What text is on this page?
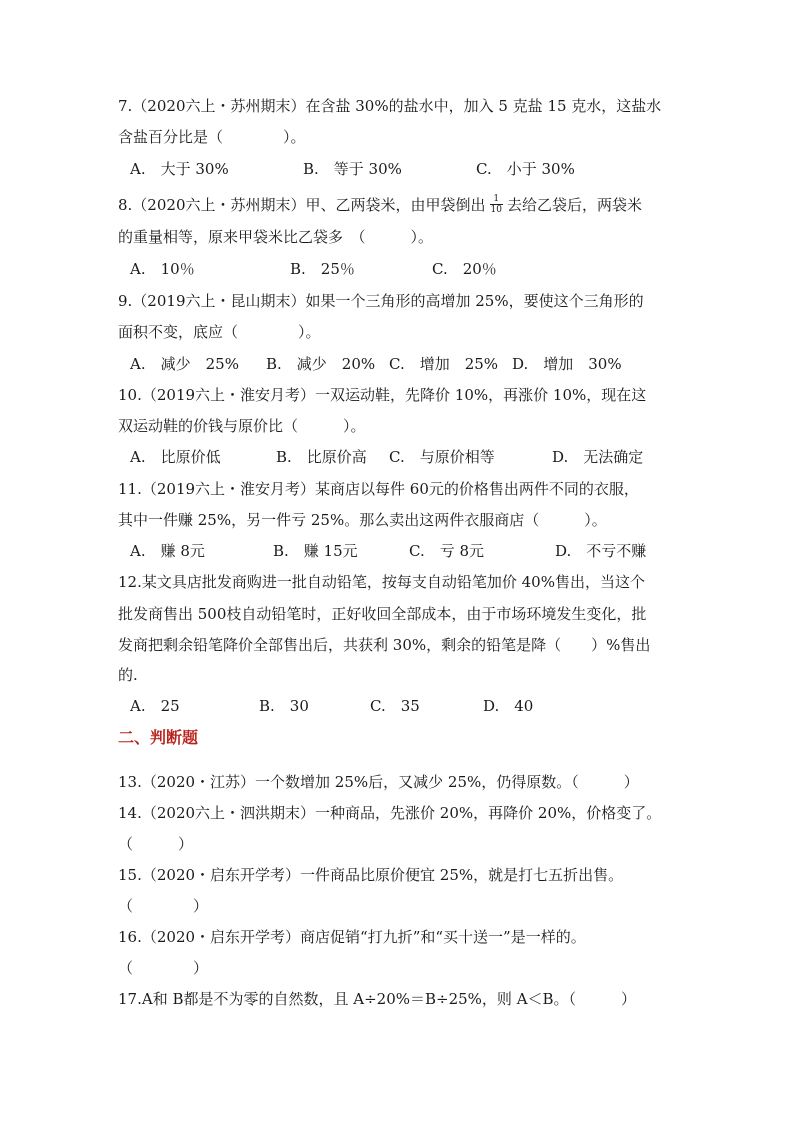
7.（2020六上・苏州期末）在含盐 30%的盐水中，加入 5 克盐 15 克水，这盐水
含盐百分比是（　　　　）。
A.　大于 30%	B.　等于 30%	C.　小于 30%
8.（2020六上・苏州期末）甲、乙两袋米，由甲袋倒出 $\frac{1}{10}$ 去给乙袋后，两袋米
的重量相等，原来甲袋米比乙袋多　（　　　）。
A.　10％	B.　25％	C.　20％
9.（2019六上・昆山期末）如果一个三角形的高增加 25%，要使这个三角形的
面积不变，底应（　　　　）。
A.　减少　25% B.　减少　20% C.　增加　25% D.　增加　30%
10.（2019六上・淮安月考）一双运动鞋，先降价 10%，再涨价 10%，现在这
双运动鞋的价钱与原价比（　　　）。
A.　比原价低	B.　比原价高 C.　与原价相等	D.　无法确定
11.（2019六上・淮安月考）某商店以每件 60元的价格售出两件不同的衣服，
其中一件赚 25%，另一件亏 25%。那么卖出这两件衣服商店（　　　）。
A.　赚 8元	B.　赚 15元	C.　亏 8元	D.　不亏不赚
12.某文具店批发商购进一批自动铅笔，按每支自动铅笔加价 40%售出，当这个
批发商售出 500枝自动铅笔时，正好收回全部成本，由于市场环境发生变化，批
发商把剩余铅笔降价全部售出后，共获利 30%，剩余的铅笔是降（　　）%售出
的.
A.　25	B.　30	C.　35	D.　40
二、判断题
13.（2020・江苏）一个数增加 25%后，又减少 25%，仍得原数。（　　　）
14.（2020六上・泗洪期末）一种商品，先涨价 20%，再降价 20%，价格变了。
（　　　）
15.（2020・启东开学考）一件商品比原价便宜 25%，就是打七五折出售。
（　　　　）
16.（2020・启东开学考）商店促销“打九折”和“买十送一”是一样的。
（　　　　）
17.A和 B都是不为零的自然数，且 A÷20%＝B÷25%，则 A＜B。（　　　）
